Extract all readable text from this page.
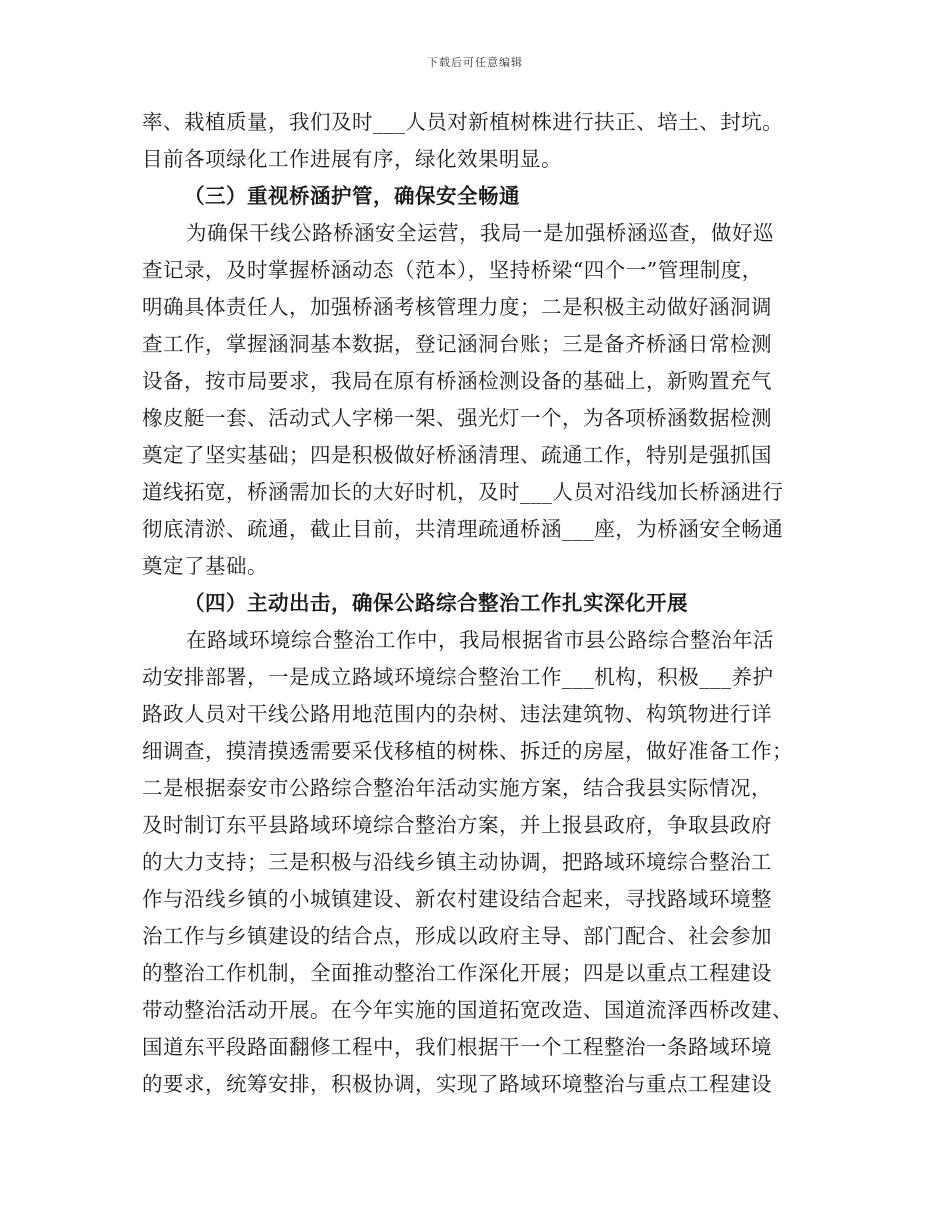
下载后可任意编辑
率、栽植质量，我们及时___人员对新植树株进行扶正、培土、封坑。
目前各项绿化工作进展有序，绿化效果明显。
（三）重视桥涵护管，确保安全畅通
为确保干线公路桥涵安全运营，我局一是加强桥涵巡查，做好巡
查记录，及时掌握桥涵动态（范本），坚持桥梁“四个一”管理制度，
明确具体责任人，加强桥涵考核管理力度；二是积极主动做好涵洞调
查工作，掌握涵洞基本数据，登记涵洞台账；三是备齐桥涵日常检测
设备，按市局要求，我局在原有桥涵检测设备的基础上，新购置充气
橡皮艇一套、活动式人字梯一架、强光灯一个，为各项桥涵数据检测
奠定了坚实基础；四是积极做好桥涵清理、疏通工作，特别是强抓国
道线拓宽，桥涵需加长的大好时机，及时___人员对沿线加长桥涵进行
彻底清淤、疏通，截止目前，共清理疏通桥涵___座，为桥涵安全畅通
奠定了基础。
（四）主动出击，确保公路综合整治工作扎实深化开展
在路域环境综合整治工作中，我局根据省市县公路综合整治年活
动安排部署，一是成立路域环境综合整治工作___机构，积极___养护
路政人员对干线公路用地范围内的杂树、违法建筑物、构筑物进行详
细调查，摸清摸透需要采伐移植的树株、拆迁的房屋，做好准备工作；
二是根据泰安市公路综合整治年活动实施方案，结合我县实际情况，
及时制订东平县路域环境综合整治方案，并上报县政府，争取县政府
的大力支持；三是积极与沿线乡镇主动协调，把路域环境综合整治工
作与沿线乡镇的小城镇建设、新农村建设结合起来，寻找路域环境整
治工作与乡镇建设的结合点，形成以政府主导、部门配合、社会参加
的整治工作机制，全面推动整治工作深化开展；四是以重点工程建设
带动整治活动开展。在今年实施的国道拓宽改造、国道流泽西桥改建、
国道东平段路面翻修工程中，我们根据干一个工程整治一条路域环境
的要求，统筹安排，积极协调，实现了路域环境整治与重点工程建设
